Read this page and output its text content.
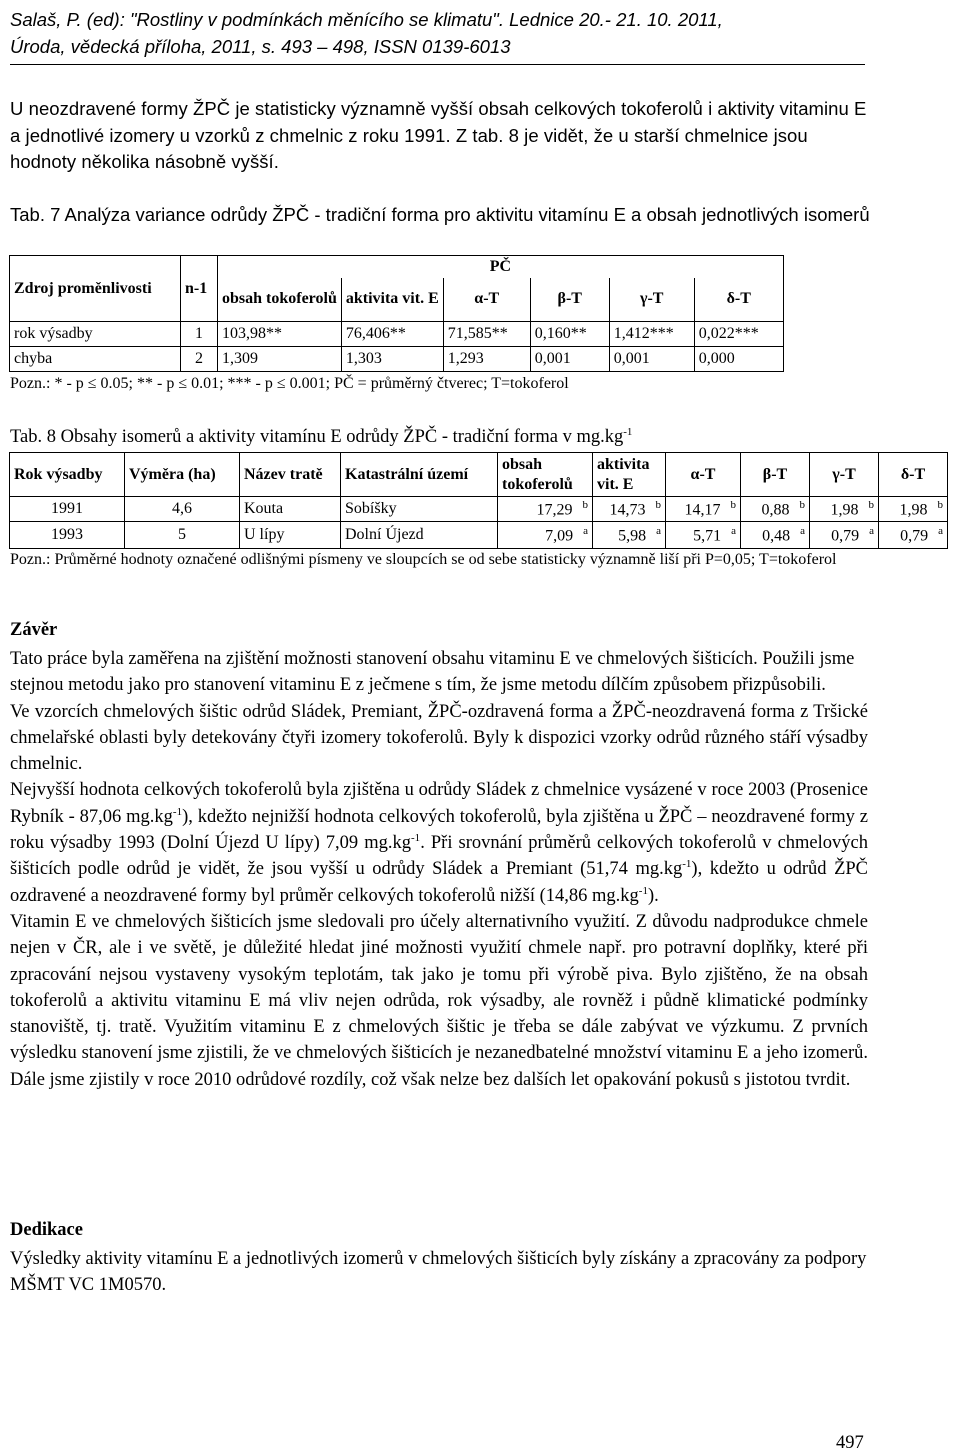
Salaš, P. (ed): "Rostliny v podmínkách měnícího se klimatu". Lednice 20.- 21. 10. 2011,
Úroda, vědecká příloha, 2011, s. 493 – 498, ISSN 0139-6013
U neozdravené formy ŽPČ je statisticky významně vyšší obsah celkových tokoferolů i aktivity vitaminu E a jednotlivé izomery u vzorků z chmelnic z roku 1991. Z tab. 8 je vidět, že u starší chmelnice jsou hodnoty několika násobně vyšší.
Tab. 7 Analýza variance odrůdy ŽPČ - tradiční forma pro aktivitu vitamínu E a obsah jednotlivých isomerů
Zdroj proměnlivosti	n-1	PČ					
		obsah tokoferolů	aktivita vit. E	α-T	β-T	γ-T	δ-T
rok výsadby	1	103,98**	76,406**	71,585**	0,160**	1,412***	0,022***
chyba	2	1,309	1,303	1,293	0,001	0,001	0,000
Pozn.: * - p ≤ 0.05; ** - p ≤ 0.01; *** - p ≤ 0.001; PČ = průměrný čtverec; T=tokoferol
Tab. 8 Obsahy isomerů a aktivity vitamínu E odrůdy ŽPČ - tradiční forma v $mg.kg^{-1}$
Rok výsadby	Výměra (ha)	Název tratě	Katastrální území	obsah tokoferolů	aktivita vit. E	α-T	β-T	γ-T	δ-T
1991	4,6	Kouta	Sobíšky	17,29 $^b$	14,73 $^b$	14,17 $^b$	0,88 $^b$	1,98 $^b$	1,98 $^b$
1993	5	U lípy	Dolní Újezd	7,09 $^a$	5,98 $^a$	5,71 $^a$	0,48 $^a$	0,79 $^a$	0,79 $^a$
Pozn.: Průměrné hodnoty označené odlišnými písmeny ve sloupcích se od sebe statisticky významně liší při P=0,05; T=tokoferol
Závěr

Tato práce byla zaměřena na zjištění možnosti stanovení obsahu vitaminu E ve chmelových šišticích. Použili jsme stejnou metodu jako pro stanovení vitaminu E z ječmene s tím, že jsme metodu dílčím způsobem přizpůsobili.

Ve vzorcích chmelových šištic odrůd Sládek, Premiant, ŽPČ-ozdravená forma a ŽPČ-neozdravená forma z Tršické chmelařské oblasti byly detekovány čtyři izomery tokoferolů. Byly k dispozici vzorky odrůd různého stáří výsadby chmelnic.

Nejvyšší hodnota celkových tokoferolů byla zjištěna u odrůdy Sládek z chmelnice vysázené v roce 2003 (Prosenice Rybník - 87,06 $mg.kg^{-1}$), kdežto nejnižší hodnota celkových tokoferolů, byla zjištěna u ŽPČ – neozdravené formy z roku výsadby 1993 (Dolní Újezd U lípy) 7,09 $mg.kg^{-1}$. Při srovnání průměrů celkových tokoferolů v chmelových šišticích podle odrůd je vidět, že jsou vyšší u odrůdy Sládek a Premiant (51,74 $mg.kg^{-1}$), kdežto u odrůd ŽPČ ozdravené a neozdravené formy byl průměr celkových tokoferolů nižší (14,86 $mg.kg^{-1}$).

Vitamin E ve chmelových šišticích jsme sledovali pro účely alternativního využití. Z důvodu nadprodukce chmele nejen v ČR, ale i ve světě, je důležité hledat jiné možnosti využití chmele např. pro potravní doplňky, které při zpracování nejsou vystaveny vysokým teplotám, tak jako je tomu při výrobě piva. Bylo zjištěno, že na obsah tokoferolů a aktivitu vitaminu E má vliv nejen odrůda, rok výsadby, ale rovněž i půdně klimatické podmínky stanoviště, tj. tratě. Využitím vitaminu E z chmelových šištic je třeba se dále zabývat ve výzkumu. Z prvních výsledku stanovení jsme zjistili, že ve chmelových šišticích je nezanedbatelné množství vitaminu E a jeho izomerů. Dále jsme zjistily v roce 2010 odrůdové rozdíly, což však nelze bez dalších let opakování pokusů s jistotou tvrdit.

Dedikace
Výsledky aktivity vitamínu E a jednotlivých izomerů v chmelových šišticích byly získány a zpracovány za podpory MŠMT VC 1M0570.
497
